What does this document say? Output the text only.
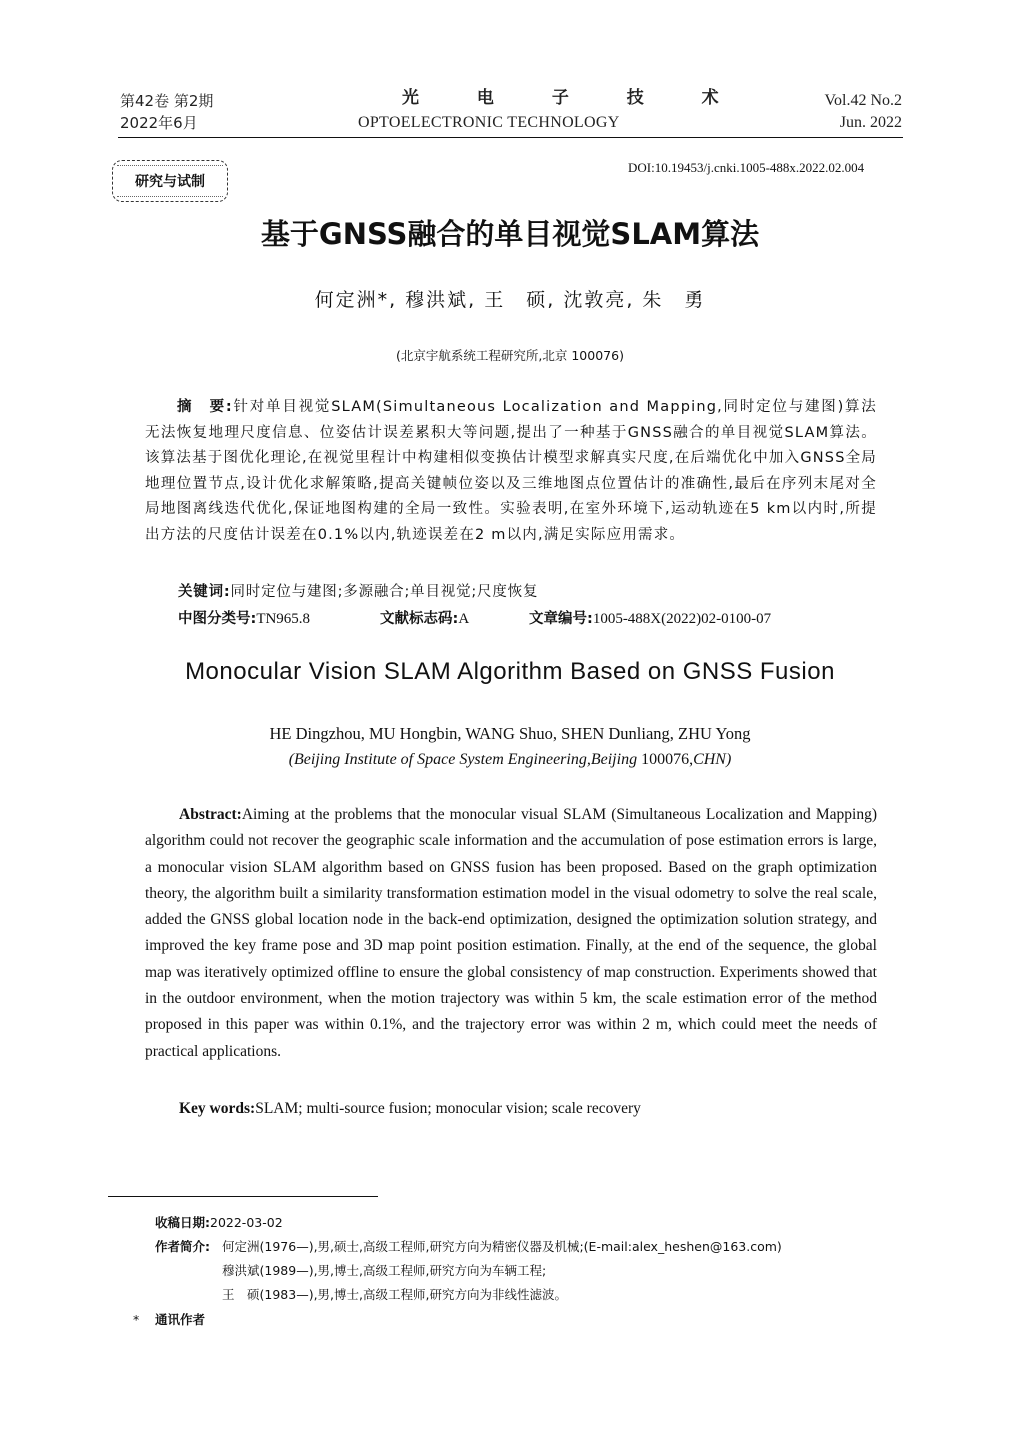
第42卷 第2期
2022年6月
光 电 子 技 术
OPTOELECTRONIC TECHNOLOGY
Vol.42 No.2
Jun. 2022
研究与试制
DOI:10.19453/j.cnki.1005-488x.2022.02.004
基于GNSS融合的单目视觉SLAM算法
何定洲*, 穆洪斌, 王　硕, 沈敦亮, 朱　勇
(北京宇航系统工程研究所,北京 100076)
摘　要:针对单目视觉SLAM(Simultaneous Localization and Mapping,同时定位与建图)算法无法恢复地理尺度信息、位姿估计误差累积大等问题,提出了一种基于GNSS融合的单目视觉SLAM算法。该算法基于图优化理论,在视觉里程计中构建相似变换估计模型求解真实尺度,在后端优化中加入GNSS全局地理位置节点,设计优化求解策略,提高关键帧位姿以及三维地图点位置估计的准确性,最后在序列末尾对全局地图离线迭代优化,保证地图构建的全局一致性。实验表明,在室外环境下,运动轨迹在5 km以内时,所提出方法的尺度估计误差在0.1%以内,轨迹误差在2 m以内,满足实际应用需求。
关键词:同时定位与建图;多源融合;单目视觉;尺度恢复
中图分类号:TN965.8	文献标志码:A	文章编号:1005-488X(2022)02-0100-07
Monocular Vision SLAM Algorithm Based on GNSS Fusion
HE Dingzhou, MU Hongbin, WANG Shuo, SHEN Dunliang, ZHU Yong
(Beijing Institute of Space System Engineering,Beijing 100076,CHN)
Abstract:Aiming at the problems that the monocular visual SLAM (Simultaneous Localization and Mapping) algorithm could not recover the geographic scale information and the accumulation of pose estimation errors is large, a monocular vision SLAM algorithm based on GNSS fusion has been proposed. Based on the graph optimization theory, the algorithm built a similarity transformation estimation model in the visual odometry to solve the real scale, added the GNSS global location node in the back-end optimization, designed the optimization solution strategy, and improved the key frame pose and 3D map point position estimation. Finally, at the end of the sequence, the global map was iteratively optimized offline to ensure the global consistency of map construction. Experiments showed that in the outdoor environment, when the motion trajectory was within 5 km, the scale estimation error of the method proposed in this paper was within 0.1%, and the trajectory error was within 2 m, which could meet the needs of practical applications.
Key words:SLAM; multi-source fusion; monocular vision; scale recovery
收稿日期:2022-03-02
作者简介: 何定洲(1976—),男,硕士,高级工程师,研究方向为精密仪器及机械;(E-mail:alex_heshen@163.com)
穆洪斌(1989—),男,博士,高级工程师,研究方向为车辆工程;
王　硕(1983—),男,博士,高级工程师,研究方向为非线性滤波。
* 通讯作者
